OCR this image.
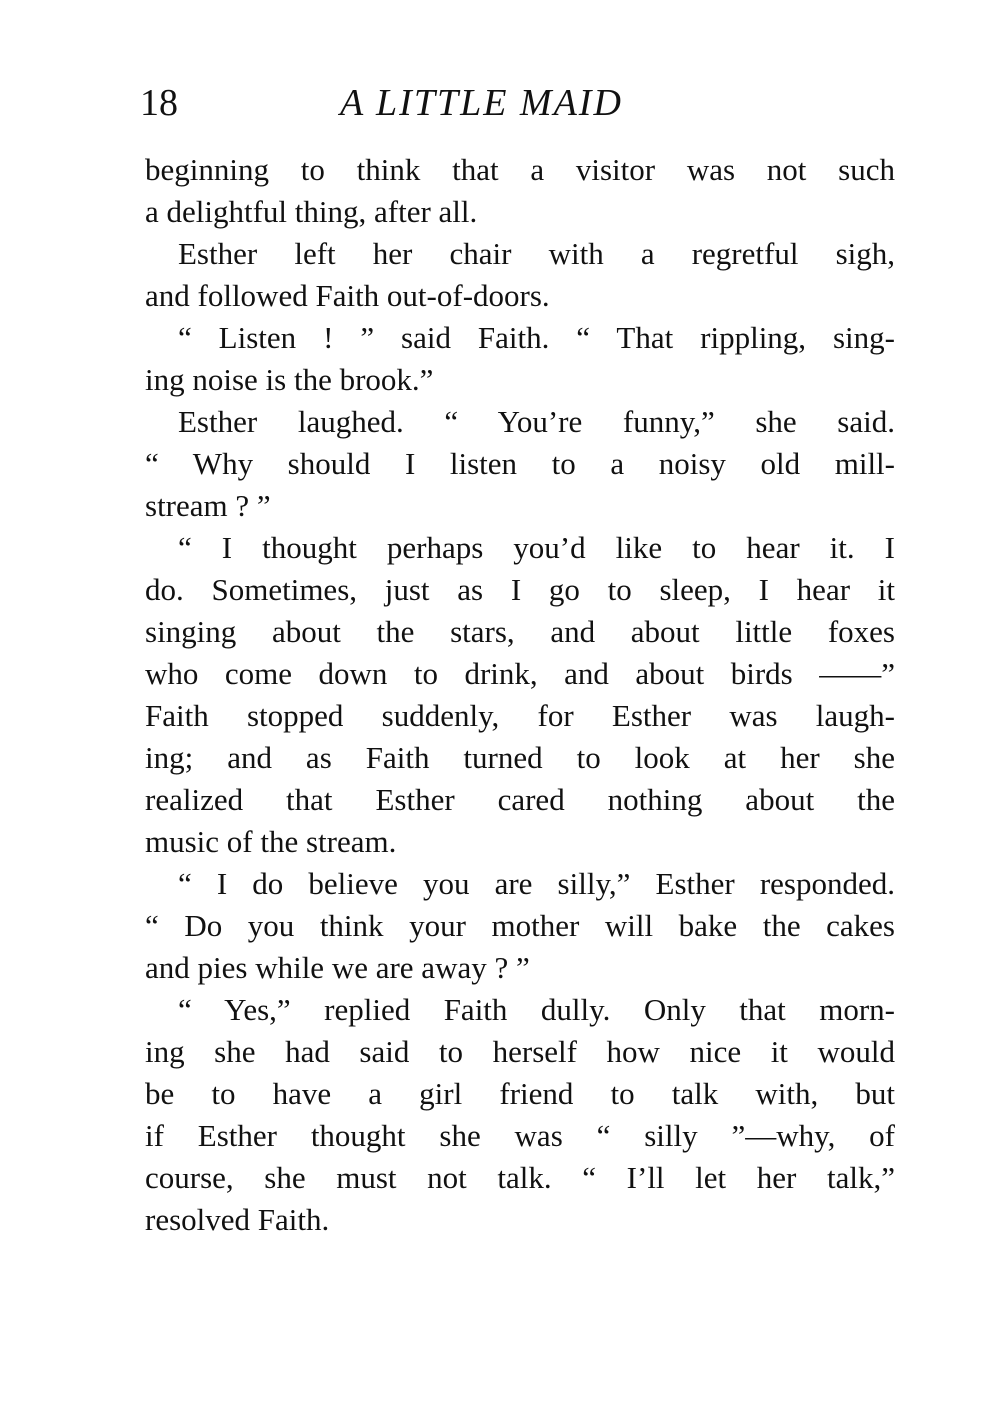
18	A LITTLE MAID
beginning to think that a visitor was not such
a delightful thing, after all.
Esther left her chair with a regretful sigh,
and followed Faith out-of-doors.
“ Listen ! ” said Faith. “ That rippling, sing-
ing noise is the brook.”
Esther laughed. “ You’re funny,” she said.
“ Why should I listen to a noisy old mill-
stream ? ”
“ I thought perhaps you’d like to hear it. I
do. Sometimes, just as I go to sleep, I hear it
singing about the stars, and about little foxes
who come down to drink, and about birds ——”
Faith stopped suddenly, for Esther was laugh-
ing; and as Faith turned to look at her she
realized that Esther cared nothing about the
music of the stream.
“ I do believe you are silly,” Esther responded.
“ Do you think your mother will bake the cakes
and pies while we are away ? ”
“ Yes,” replied Faith dully. Only that morn-
ing she had said to herself how nice it would
be to have a girl friend to talk with, but
if Esther thought she was “ silly ”—why, of
course, she must not talk. “ I’ll let her talk,”
resolved Faith.
